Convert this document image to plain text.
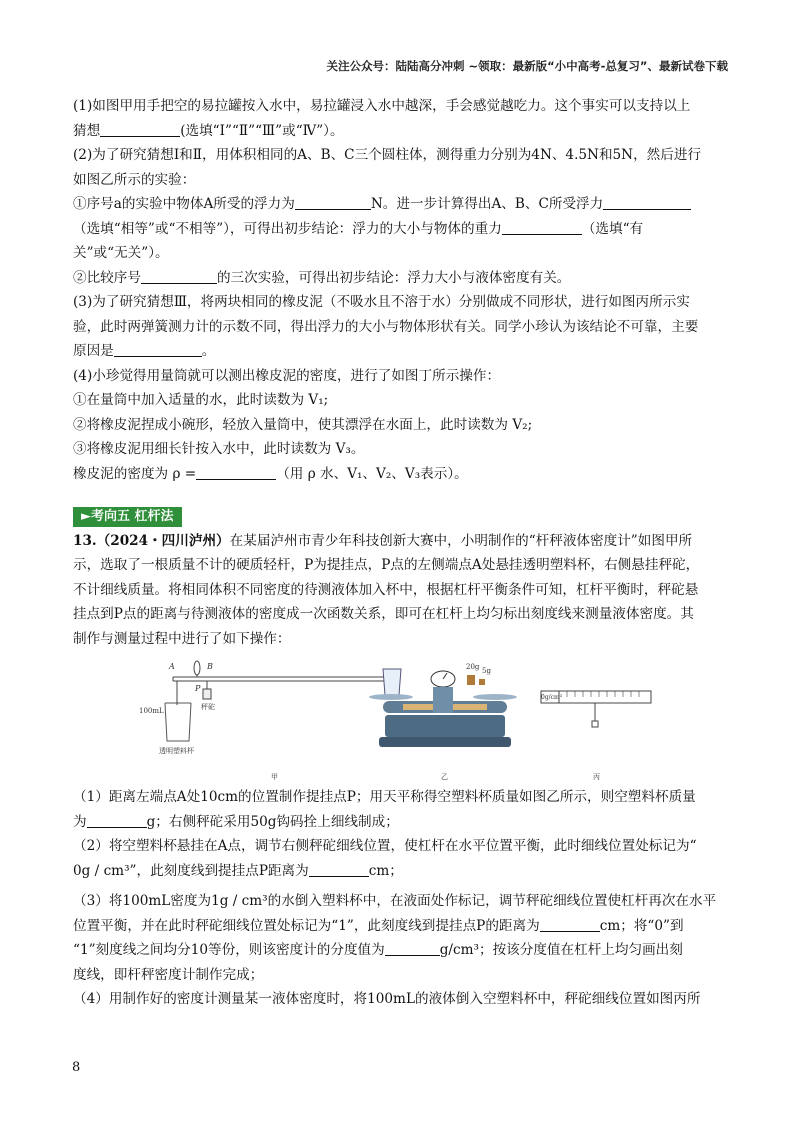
关注公众号：陆陆高分冲刺 ~领取：最新版“小中高考-总复习”、最新试卷下载

(1)如图甲用手把空的易拉罐按入水中，易拉罐浸入水中越深，手会感觉越吃力。这个事实可以支持以上

猜想	(选填“I”“Ⅱ”“Ⅲ”或“Ⅳ”）。

(2)为了研究猜想Ⅰ和Ⅱ，用体积相同的A、B、C三个圆柱体，测得重力分别为4N、4.5N和5N，然后进行

如图乙所示的实验：

①序号a的实验中物体A所受的浮力为	N。进一步计算得出A、B、C所受浮力

（选填“相等”或“不相等”），可得出初步结论：浮力的大小与物体的重力	（选填“有

关”或“无关”）。

②比较序号	的三次实验，可得出初步结论：浮力大小与液体密度有关。

(3)为了研究猜想Ⅲ，将两块相同的橡皮泥（不吸水且不溶于水）分别做成不同形状，进行如图丙所示实

验，此时两弹簧测力计的示数不同，得出浮力的大小与物体形状有关。同学小珍认为该结论不可靠，主要

原因是	。

(4)小珍觉得用量筒就可以测出橡皮泥的密度，进行了如图丁所示操作：

①在量筒中加入适量的水，此时读数为 V₁;

②将橡皮泥捏成小碗形，轻放入量筒中，使其漂浮在水面上，此时读数为 V₂;

③将橡皮泥用细长针按入水中，此时读数为 V₃。

橡皮泥的密度为 ρ =	（用 ρ 水、V₁、V₂、V₃表示）。

►考向五 杠杆法

13.（2024・四川泸州）在某届泸州市青少年科技创新大赛中，小明制作的“杆秤液体密度计”如图甲所

示，选取了一根质量不计的硬质轻杆，P为提挂点，P点的左侧端点A处悬挂透明塑料杯，右侧悬挂秤砣，

不计细线质量。将相同体积不同密度的待测液体加入杯中，根据杠杆平衡条件可知，杠杆平衡时，秤砣悬

挂点到P点的距离与待测液体的密度成一次函数关系，即可在杠杆上均匀标出刻度线来测量液体密度。其

制作与测量过程中进行了如下操作：

A	B
P
秤砣
100mL
透明塑料杯
甲
20g 5g
乙
0g/cm³
丙

（1）距离左端点A处10cm的位置制作提挂点P；用天平称得空塑料杯质量如图乙所示，则空塑料杯质量

为	g；右侧秤砣采用50g钩码拴上细线制成；

（2）将空塑料杯悬挂在A点，调节右侧秤砣细线位置，使杠杆在水平位置平衡，此时细线位置处标记为“

0g / cm³”，此刻度线到提挂点P距离为	cm；

（3）将100mL密度为1g / cm³的水倒入塑料杯中，在液面处作标记，调节秤砣细线位置使杠杆再次在水平

位置平衡，并在此时秤砣细线位置处标记为“1”，此刻度线到提挂点P的距离为	cm；将“0”到

“1”刻度线之间均分10等份，则该密度计的分度值为	g/cm³；按该分度值在杠杆上均匀画出刻

度线，即杆秤密度计制作完成；

（4）用制作好的密度计测量某一液体密度时，将100mL的液体倒入空塑料杯中，秤砣细线位置如图丙所

8
